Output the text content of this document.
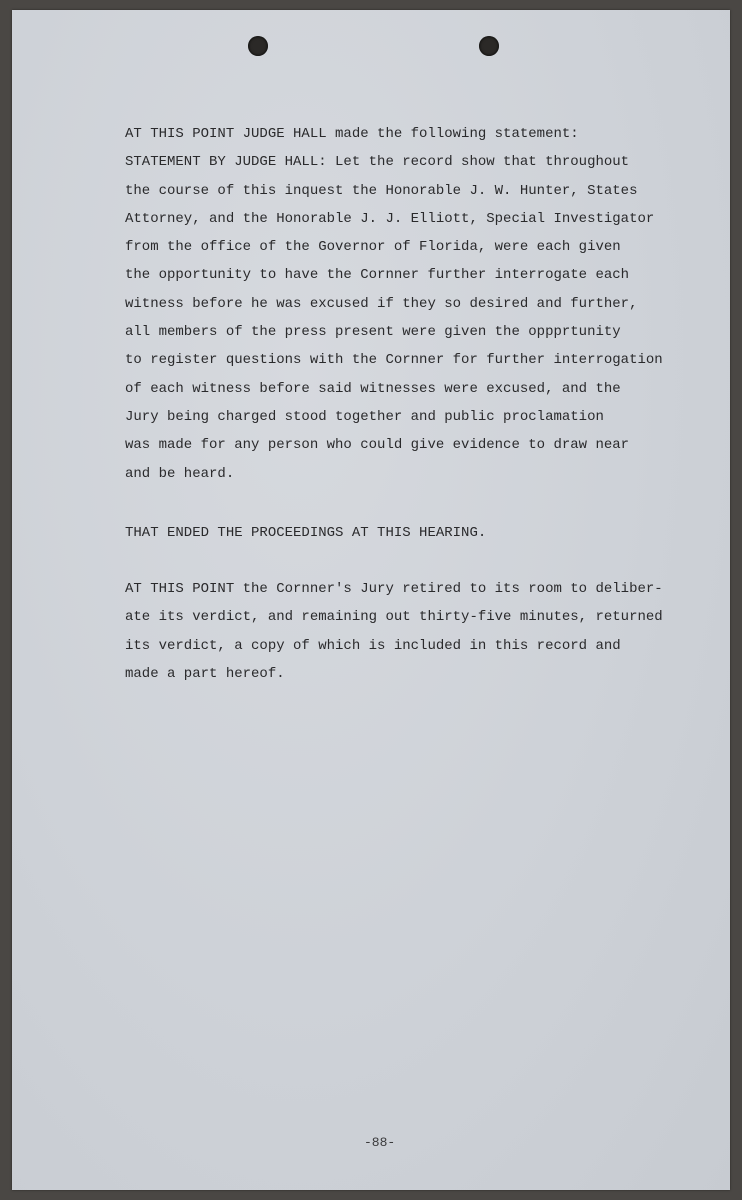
AT THIS POINT JUDGE HALL made the following statement:
STATEMENT BY JUDGE HALL: Let the record show that throughout
the course of this inquest the Honorable J. W. Hunter, States
Attorney, and the Honorable J. J. Elliott, Special Investigator
from the office of the Governor of Florida, were each given
the opportunity to have the Cornner further interrogate each
witness before he was excused if they so desired and further,
all members of the press present were given the oppprtunity
to register questions with the Cornner for further interrogation
of each witness before said witnesses were excused, and the
Jury being charged stood together and public proclamation
was made for any person who could give evidence to draw near
and be heard.
THAT ENDED THE PROCEEDINGS AT THIS HEARING.
AT THIS POINT the Cornner's Jury retired to its room to deliber-
ate its verdict, and remaining out thirty-five minutes, returned
its verdict, a copy of which is included in this record and
made a part hereof.
-88-
